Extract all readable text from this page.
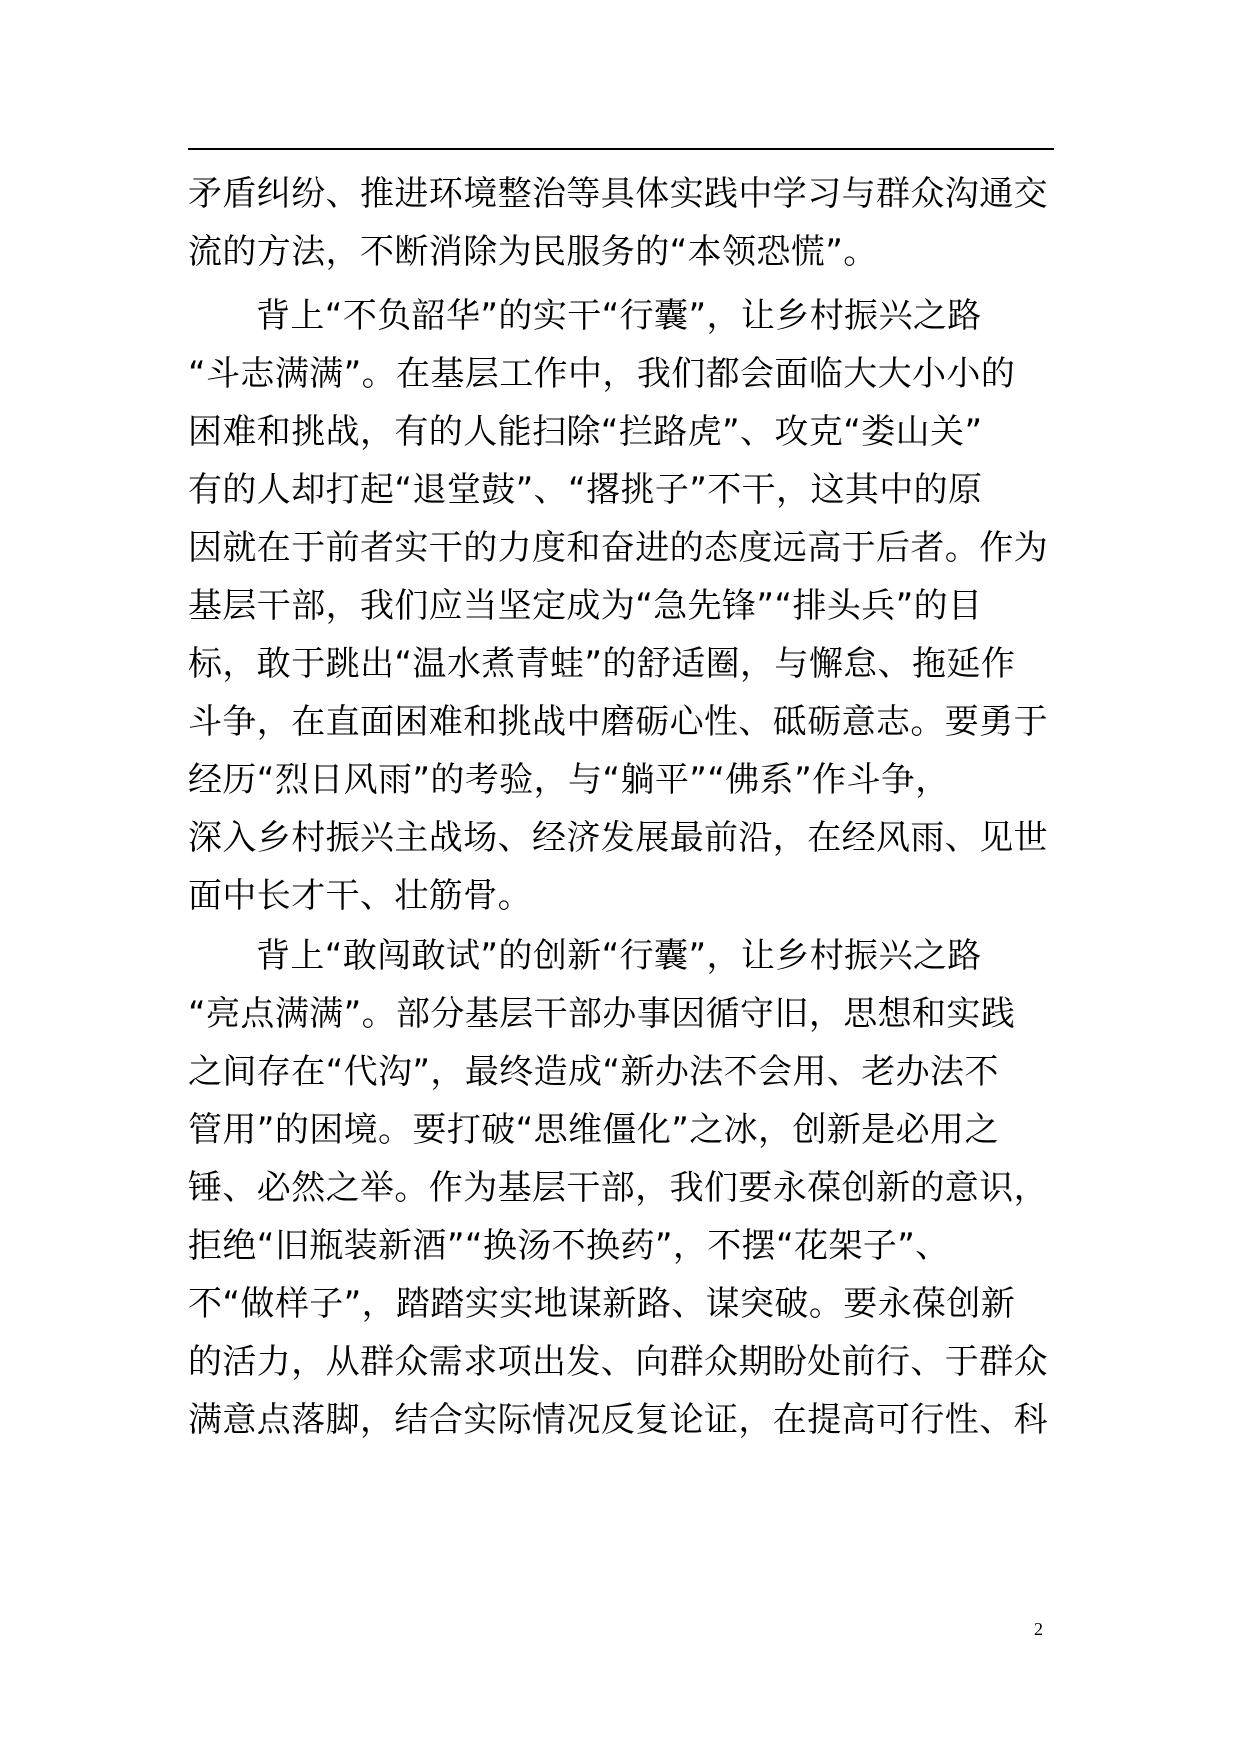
矛盾纠纷、推进环境整治等具体实践中学习与群众沟通交
流的方法，不断消除为民服务的“本领恐慌”。
背上“不负韶华”的实干“行囊”，让乡村振兴之路
“斗志满满”。在基层工作中，我们都会面临大大小小的
困难和挑战，有的人能扫除“拦路虎”、攻克“娄山关”
有的人却打起“退堂鼓”、“撂挑子”不干，这其中的原
因就在于前者实干的力度和奋进的态度远高于后者。作为
基层干部，我们应当坚定成为“急先锋”“排头兵”的目
标，敢于跳出“温水煮青蛙”的舒适圈，与懈怠、拖延作
斗争，在直面困难和挑战中磨砺心性、砥砺意志。要勇于
经历“烈日风雨”的考验，与“躺平”“佛系”作斗争，
深入乡村振兴主战场、经济发展最前沿，在经风雨、见世
面中长才干、壮筋骨。
背上“敢闯敢试”的创新“行囊”，让乡村振兴之路
“亮点满满”。部分基层干部办事因循守旧，思想和实践
之间存在“代沟”，最终造成“新办法不会用、老办法不
管用”的困境。要打破“思维僵化”之冰，创新是必用之
锤、必然之举。作为基层干部，我们要永葆创新的意识，
拒绝“旧瓶装新酒”“换汤不换药”，不摆“花架子”、
不“做样子”，踏踏实实地谋新路、谋突破。要永葆创新
的活力，从群众需求项出发、向群众期盼处前行、于群众
满意点落脚，结合实际情况反复论证，在提高可行性、科
2
